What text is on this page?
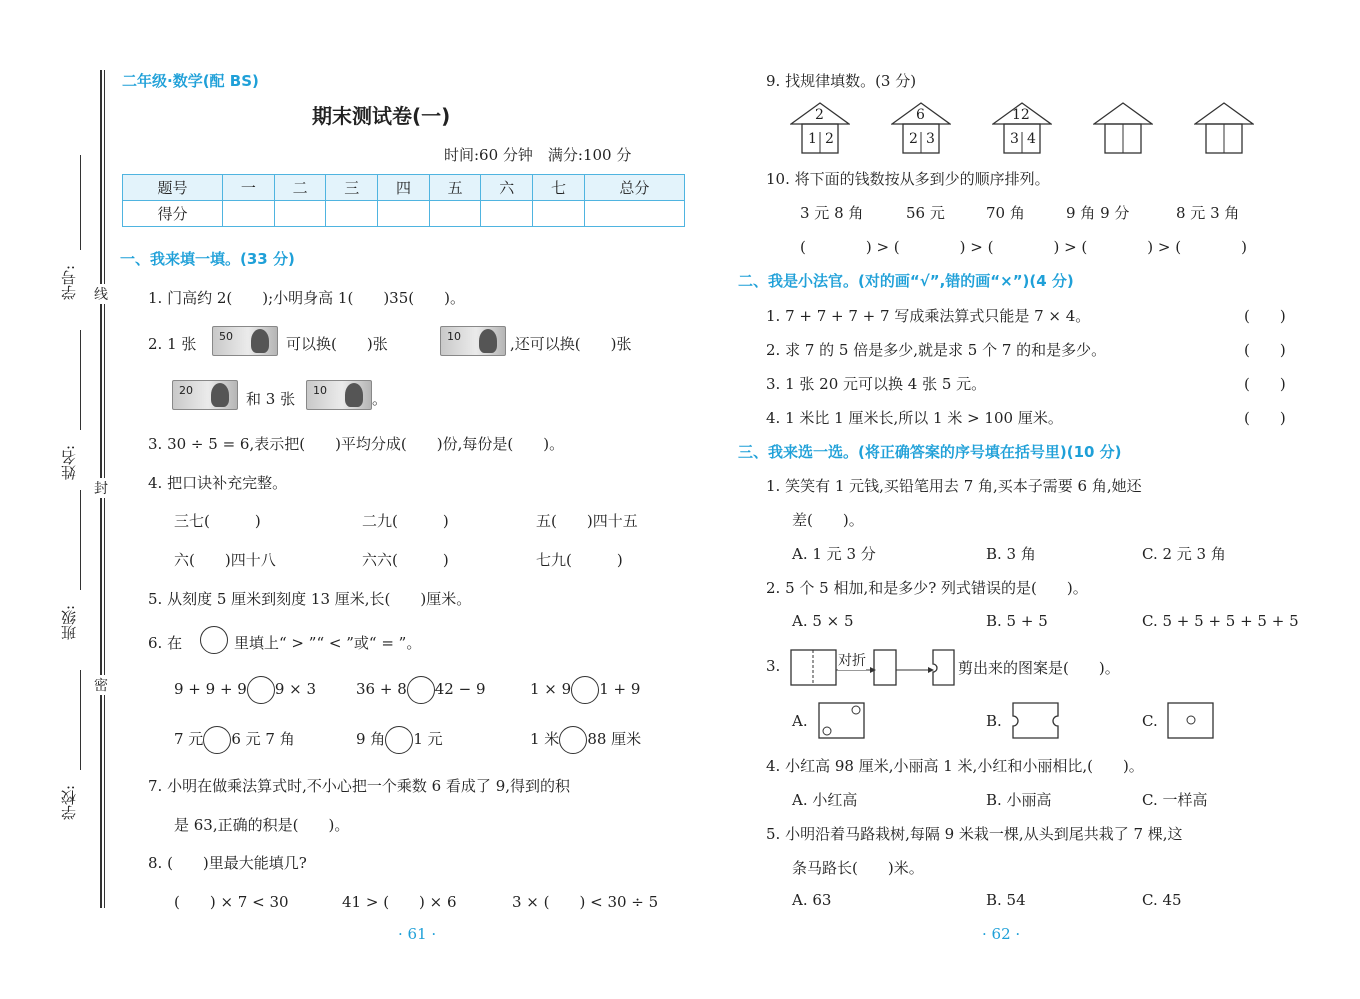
学校:
班级:
姓名:
学号:
密
封
线
二年级·数学(配 BS)
期末测试卷(一)
时间:60 分钟　满分:100 分
题号	一	二	三	四	五	六	七	总分
得分								
一、我来填一填。(33 分)
1. 门高约 2(　　);小明身高 1(　　)35(　　)。
2. 1 张 50	可以换(　　)张	10	,还可以换(　　)张
20	和 3 张 10	。
3. 30 ÷ 5 = 6,表示把(　　)平均分成(　　)份,每份是(　　)。
4. 把口诀补充完整。
三七(　　　)	二九(　　　)	五(　　)四十五
六(　　)四十八	六六(　　　)	七九(　　　)
5. 从刻度 5 厘米到刻度 13 厘米,长(　　)厘米。
6. 在	里填上“ > ”“ < ”或“ = ”。
9 + 9 + 9 9 × 3	36 + 8 42 − 9	1 × 9 1 + 9
7 元 6 元 7 角	9 角 1 元	1 米 88 厘米
7. 小明在做乘法算式时,不小心把一个乘数 6 看成了 9,得到的积
是 63,正确的积是(　　)。
8. (　　)里最大能填几?
(　　) × 7 < 30	41 > (　　) × 6	3 × (　　) < 30 ÷ 5
· 61 ·
9. 找规律填数。(3 分)
2
1 2
6
2 3
12
3 4
10. 将下面的钱数按从多到少的顺序排列。
3 元 8 角	56 元	70 角	9 角 9 分	8 元 3 角
(　　　　) > (　　　　) > (　　　　) > (　　　　) > (　　　　)
二、我是小法官。(对的画“√”,错的画“×”)(4 分)
1. 7 + 7 + 7 + 7 写成乘法算式只能是 7 × 4。	(　　)
2. 求 7 的 5 倍是多少,就是求 5 个 7 的和是多少。	(　　)
3. 1 张 20 元可以换 4 张 5 元。	(　　)
4. 1 米比 1 厘米长,所以 1 米 > 100 厘米。	(　　)
三、我来选一选。(将正确答案的序号填在括号里)(10 分)
1. 笑笑有 1 元钱,买铅笔用去 7 角,买本子需要 6 角,她还
差(　　)。
A. 1 元 3 分	B. 3 角	C. 2 元 3 角
2. 5 个 5 相加,和是多少? 列式错误的是(　　)。
A. 5 × 5	B. 5 + 5	C. 5 + 5 + 5 + 5 + 5
3.	对折	剪出来的图案是(　　)。
A.	B.	C.
4. 小红高 98 厘米,小丽高 1 米,小红和小丽相比,(　　)。
A. 小红高	B. 小丽高	C. 一样高
5. 小明沿着马路栽树,每隔 9 米栽一棵,从头到尾共栽了 7 棵,这
条马路长(　　)米。
A. 63	B. 54	C. 45
· 62 ·
